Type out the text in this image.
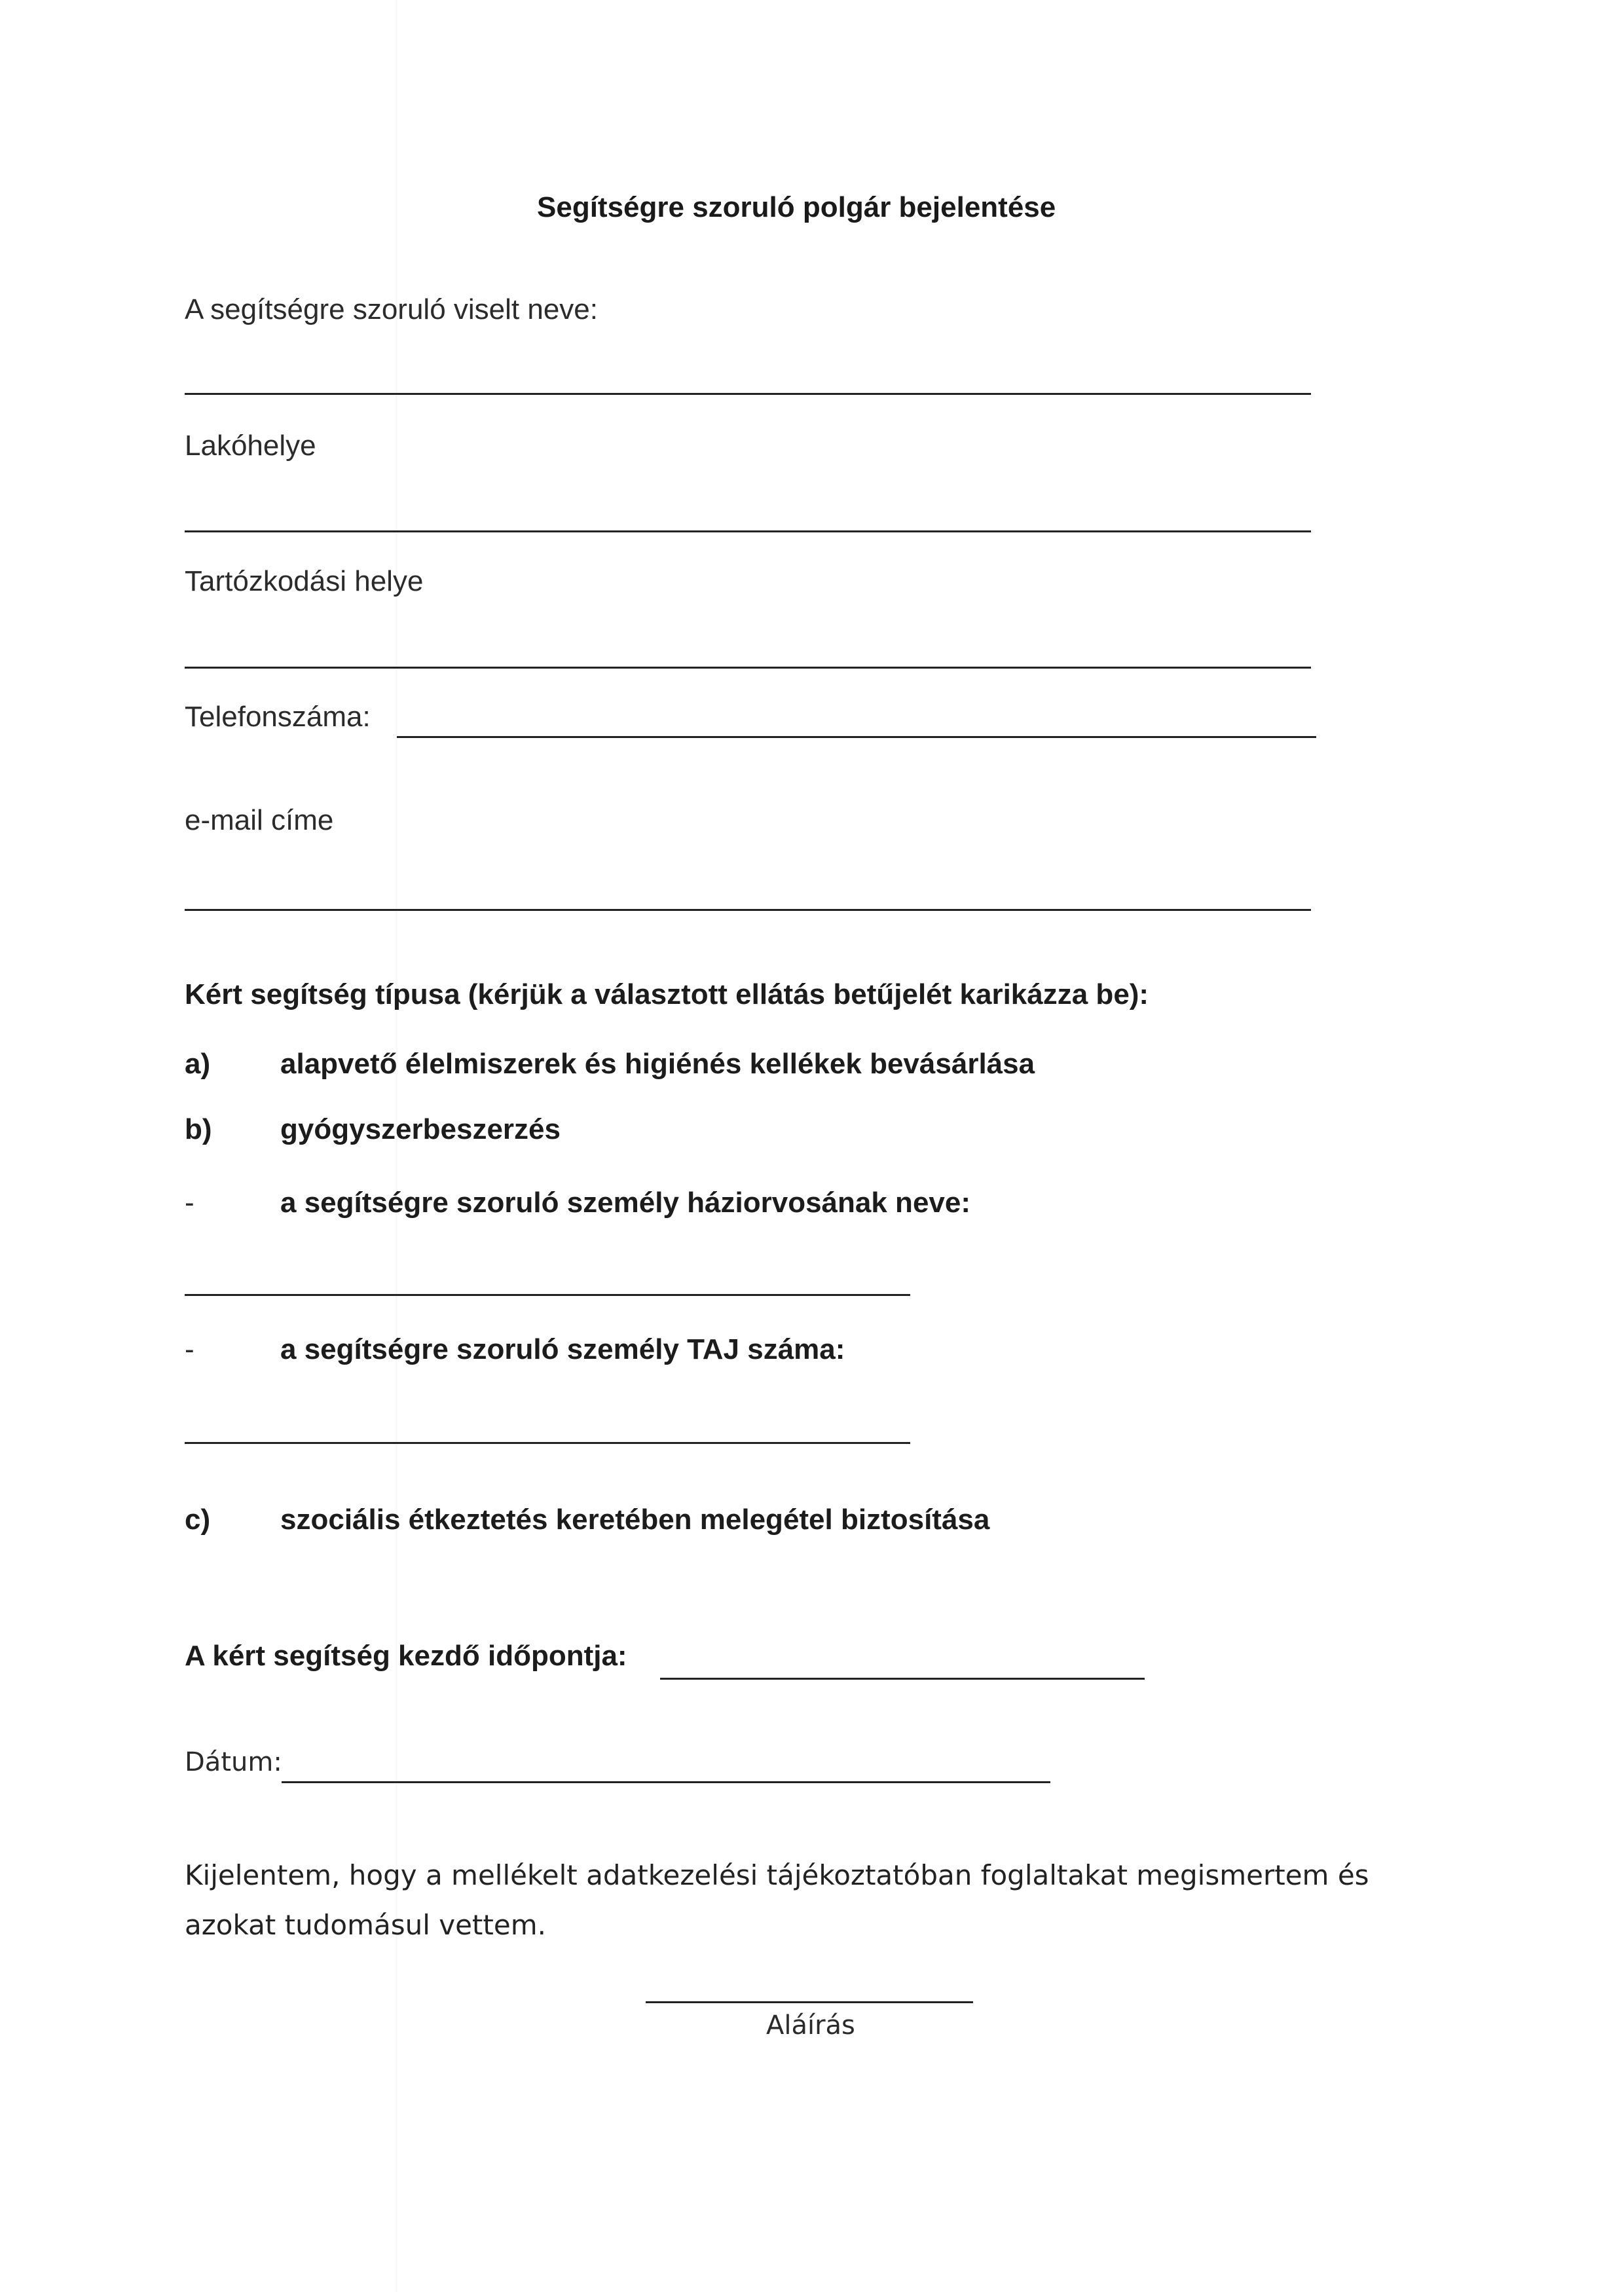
Segítségre szoruló polgár bejelentése
A segítségre szoruló viselt neve:
Lakóhelye
Tartózkodási helye
Telefonszáma:
e-mail címe
Kért segítség típusa (kérjük a választott ellátás betűjelét karikázza be):
a) alapvető élelmiszerek és higiénés kellékek bevásárlása
b) gyógyszerbeszerzés
-	a segítségre szoruló személy háziorvosának neve:
-	a segítségre szoruló személy TAJ száma:
c) szociális étkeztetés keretében melegétel biztosítása
A kért segítség kezdő időpontja:
Dátum:
Kijelentem, hogy a mellékelt adatkezelési tájékoztatóban foglaltakat megismertem és azokat tudomásul vettem.
Aláírás
